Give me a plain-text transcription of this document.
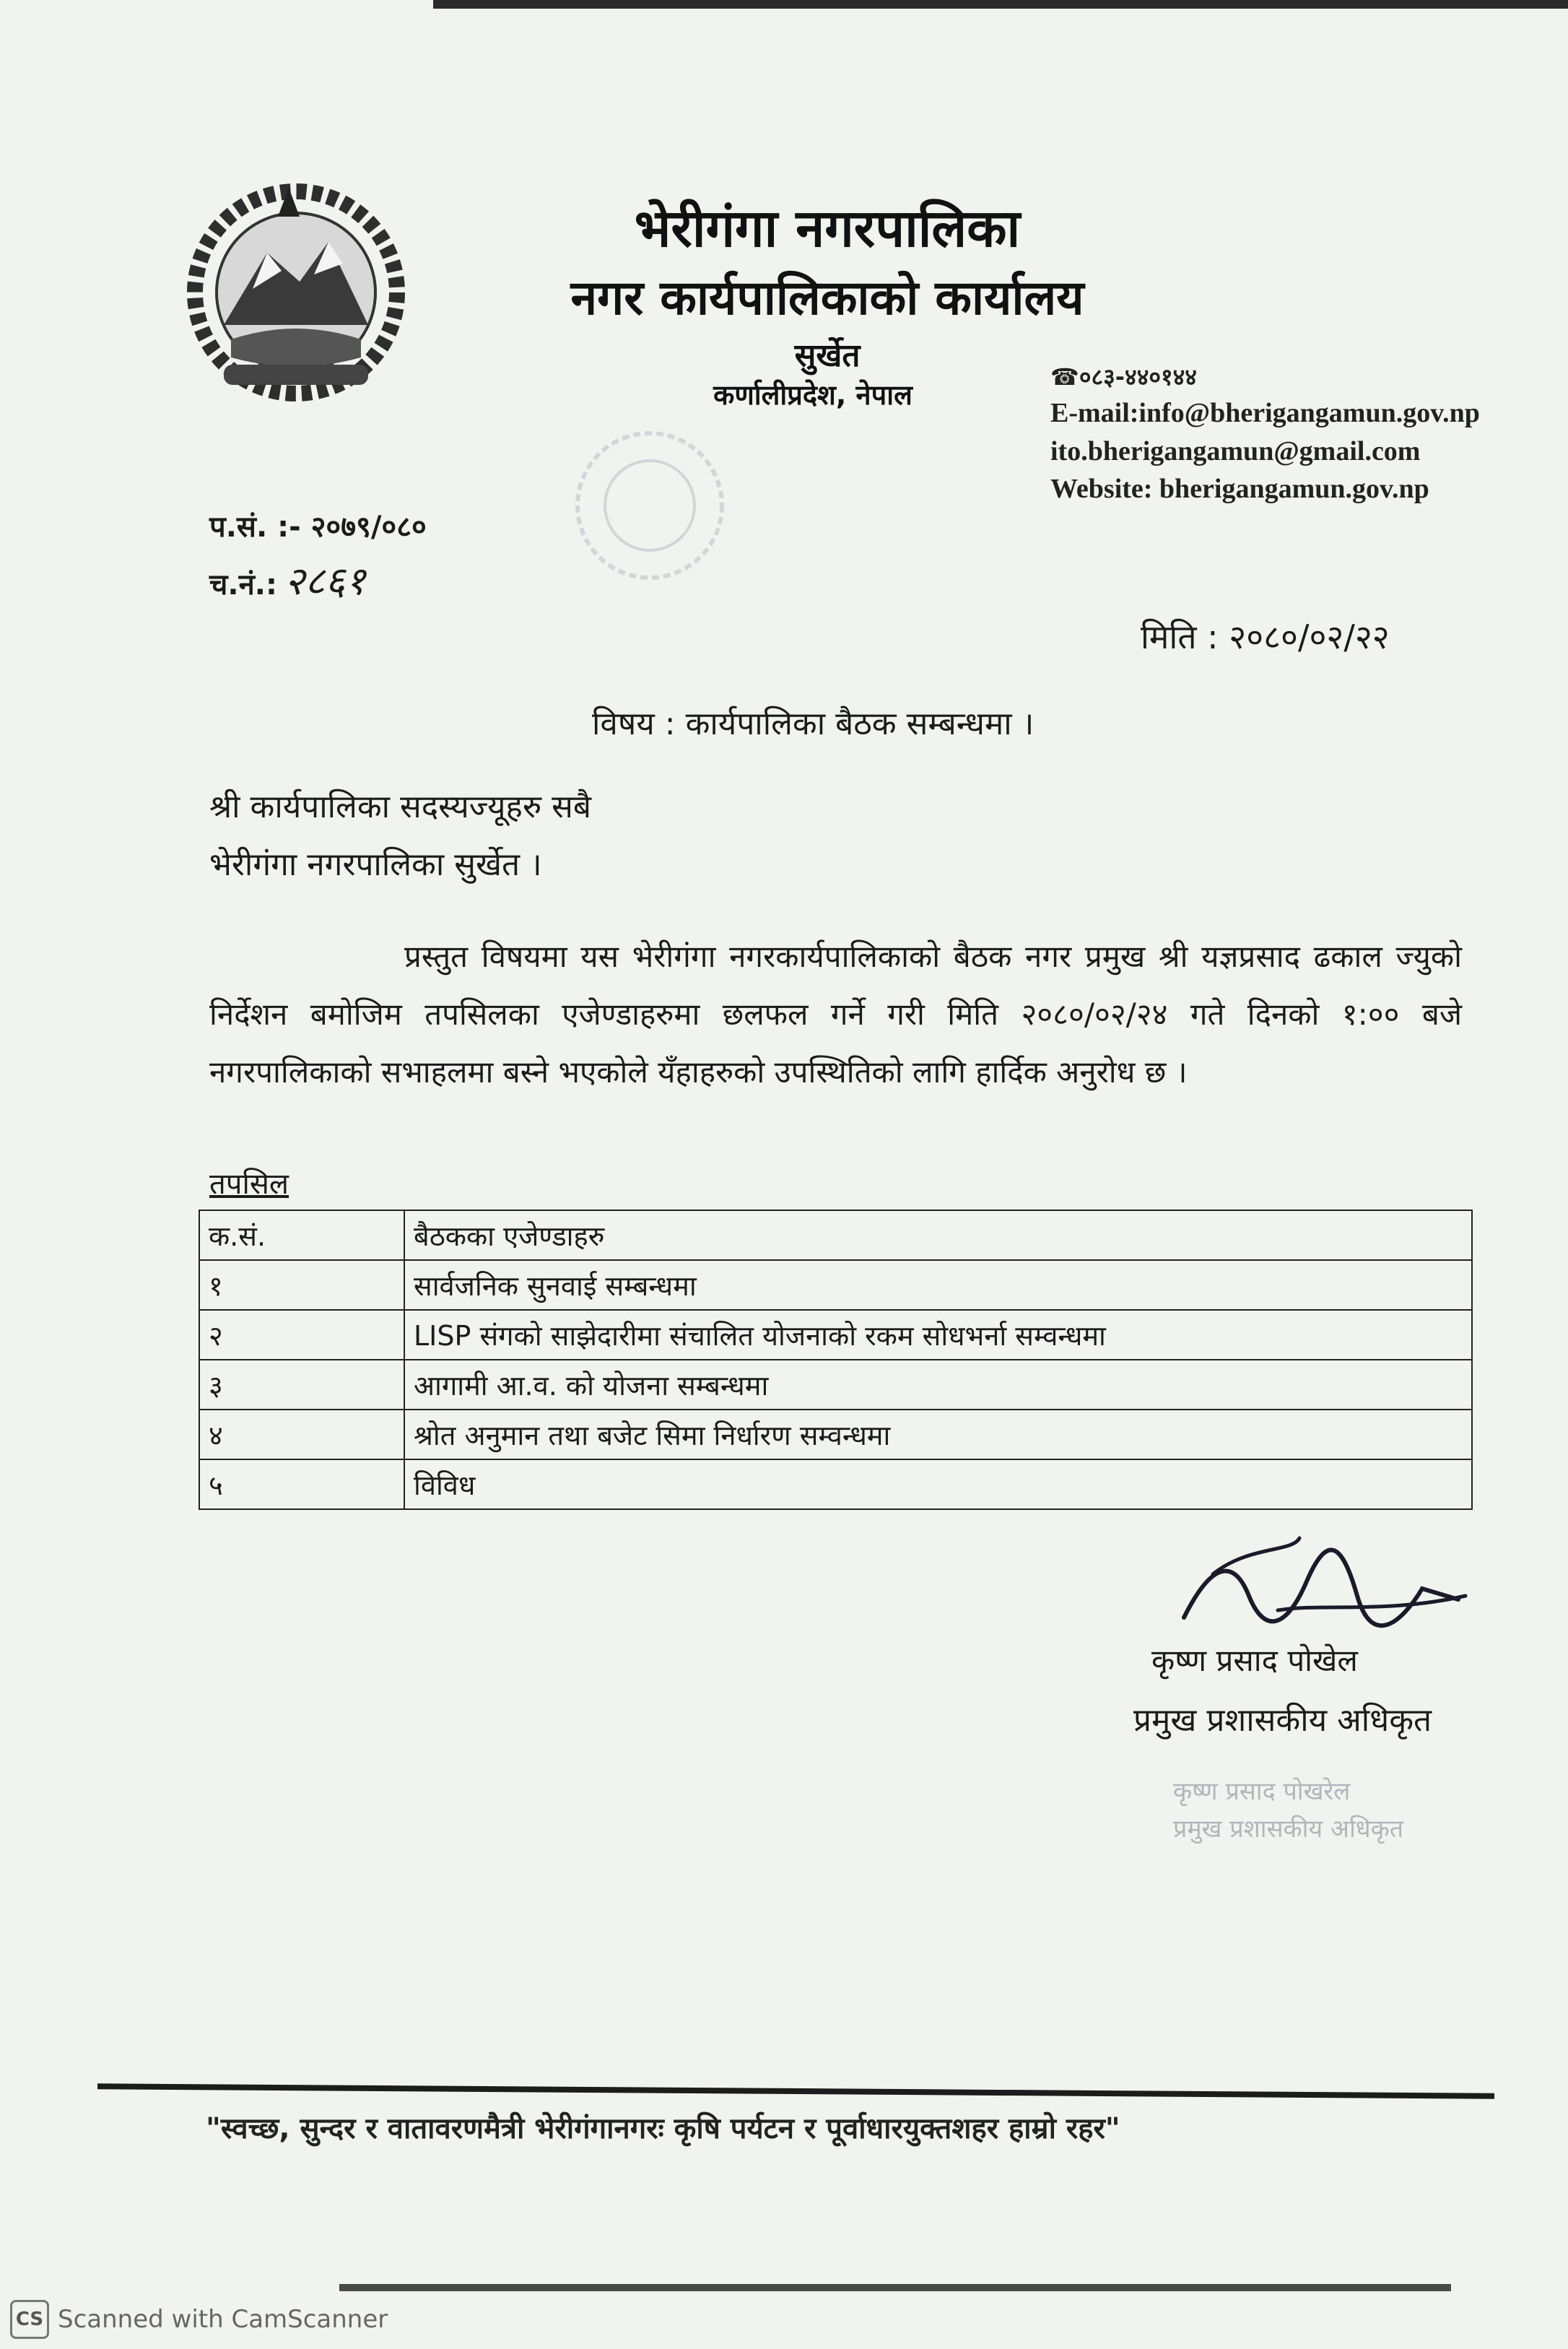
भेरीगंगा नगरपालिका
नगर कार्यपालिकाको कार्यालय
सुर्खेत
कर्णालीप्रदेश, नेपाल
☎०८३-४४०१४४
E-mail:info@bherigangamun.gov.np
ito.bherigangamun@gmail.com
Website: bherigangamun.gov.np
प.सं. :- २०७९/०८०
च.नं.: २८६१
मिति : २०८०/०२/२२
विषय : कार्यपालिका बैठक सम्बन्धमा ।
श्री कार्यपालिका सदस्यज्यूहरु सबै
भेरीगंगा नगरपालिका सुर्खेत ।
प्रस्तुत विषयमा यस भेरीगंगा नगरकार्यपालिकाको बैठक नगर प्रमुख श्री यज्ञप्रसाद ढकाल ज्युको निर्देशन बमोजिम तपसिलका एजेण्डाहरुमा छलफल गर्ने गरी मिति २०८०/०२/२४ गते दिनको १:०० बजे नगरपालिकाको सभाहलमा बस्ने भएकोले यँहाहरुको उपस्थितिको लागि हार्दिक अनुरोध छ ।
तपसिल
क.सं.	बैठकका एजेण्डाहरु
१	सार्वजनिक सुनवाई सम्बन्धमा
२	LISP संगको साझेदारीमा संचालित योजनाको रकम सोधभर्ना सम्वन्धमा
३	आगामी आ.व. को योजना सम्बन्धमा
४	श्रोत अनुमान तथा बजेट सिमा निर्धारण सम्वन्धमा
५	विविध
कृष्ण प्रसाद पोखेल
प्रमुख प्रशासकीय अधिकृत
कृष्ण प्रसाद पोखरेल
प्रमुख प्रशासकीय अधिकृत
"स्वच्छ, सुन्दर र वातावरणमैत्री भेरीगंगानगरः कृषि पर्यटन र पूर्वाधारयुक्तशहर हाम्रो रहर"
CS Scanned with CamScanner
